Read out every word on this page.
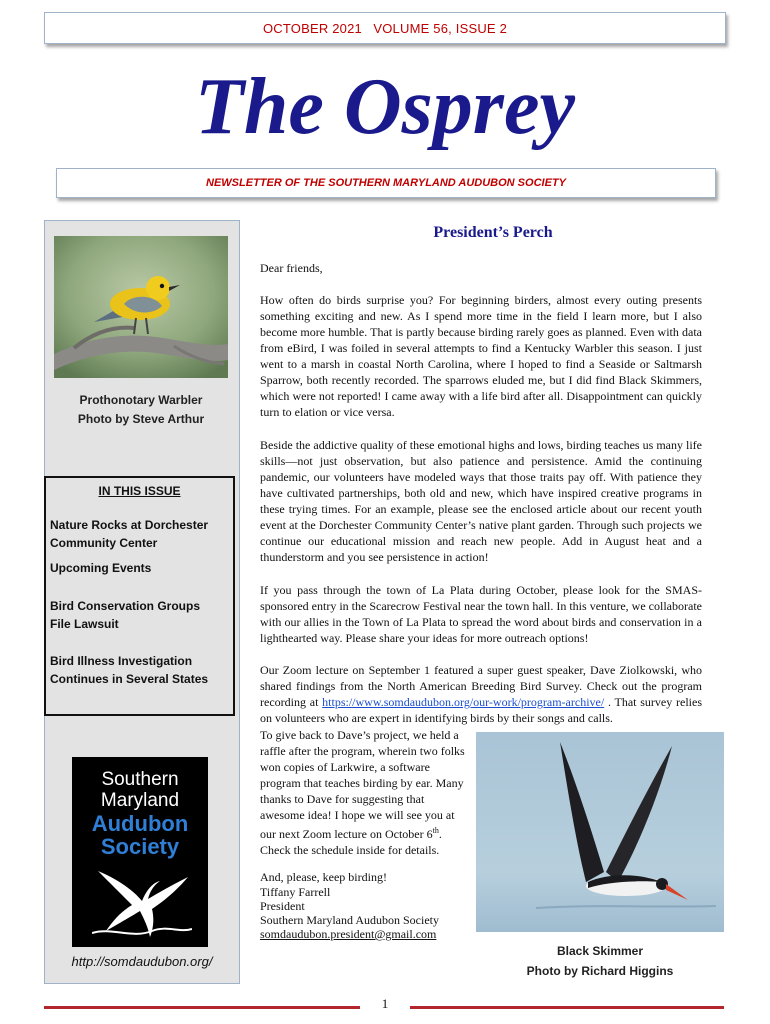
OCTOBER 2021   VOLUME 56, ISSUE 2
The Osprey
NEWSLETTER OF THE SOUTHERN MARYLAND AUDUBON SOCIETY
Prothonotary Warbler
Photo by Steve Arthur
IN THIS ISSUE
Nature Rocks at Dorchester
Community Center
Upcoming Events
Bird Conservation Groups
File Lawsuit
Bird Illness Investigation
Continues in Several States
Southern
Maryland
Audubon
Society
http://somdaudubon.org/
President’s Perch
Dear friends,
How often do birds surprise you? For beginning birders, almost every outing presents something exciting and new. As I spend more time in the field I learn more, but I also become more humble. That is partly because birding rarely goes as planned. Even with data from eBird, I was foiled in several attempts to find a Kentucky Warbler this season. I just went to a marsh in coastal North Carolina, where I hoped to find a Seaside or Saltmarsh Sparrow, both recently recorded. The sparrows eluded me, but I did find Black Skimmers, which were not reported! I came away with a life bird after all. Disappointment can quickly turn to elation or vice versa.
Beside the addictive quality of these emotional highs and lows, birding teaches us many life skills—not just observation, but also patience and persistence. Amid the continuing pandemic, our volunteers have modeled ways that those traits pay off. With patience they have cultivated partnerships, both old and new, which have inspired creative programs in these trying times. For an example, please see the enclosed article about our recent youth event at the Dorchester Community Center’s native plant garden. Through such projects we continue our educational mission and reach new people. Add in August heat and a thunderstorm and you see persistence in action!
If you pass through the town of La Plata during October, please look for the SMAS-sponsored entry in the Scarecrow Festival near the town hall. In this venture, we collaborate with our allies in the Town of La Plata to spread the word about birds and conservation in a lighthearted way. Please share your ideas for more outreach options!
Our Zoom lecture on September 1 featured a super guest speaker, Dave Ziolkowski, who shared findings from the North American Breeding Bird Survey. Check out the program recording at https://www.somdaudubon.org/our-work/program-archive/ . That survey relies on volunteers who are expert in identifying birds by their songs and calls.
To give back to Dave’s project, we held a raffle after the program, wherein two folks won copies of Larkwire, a software program that teaches birding by ear. Many thanks to Dave for suggesting that awesome idea! I hope we will see you at our next Zoom lecture on October 6th. Check the schedule inside for details.
And, please, keep birding!
Tiffany Farrell
President
Southern Maryland Audubon Society
somdaudubon.president@gmail.com
Black Skimmer
Photo by Richard Higgins
1
